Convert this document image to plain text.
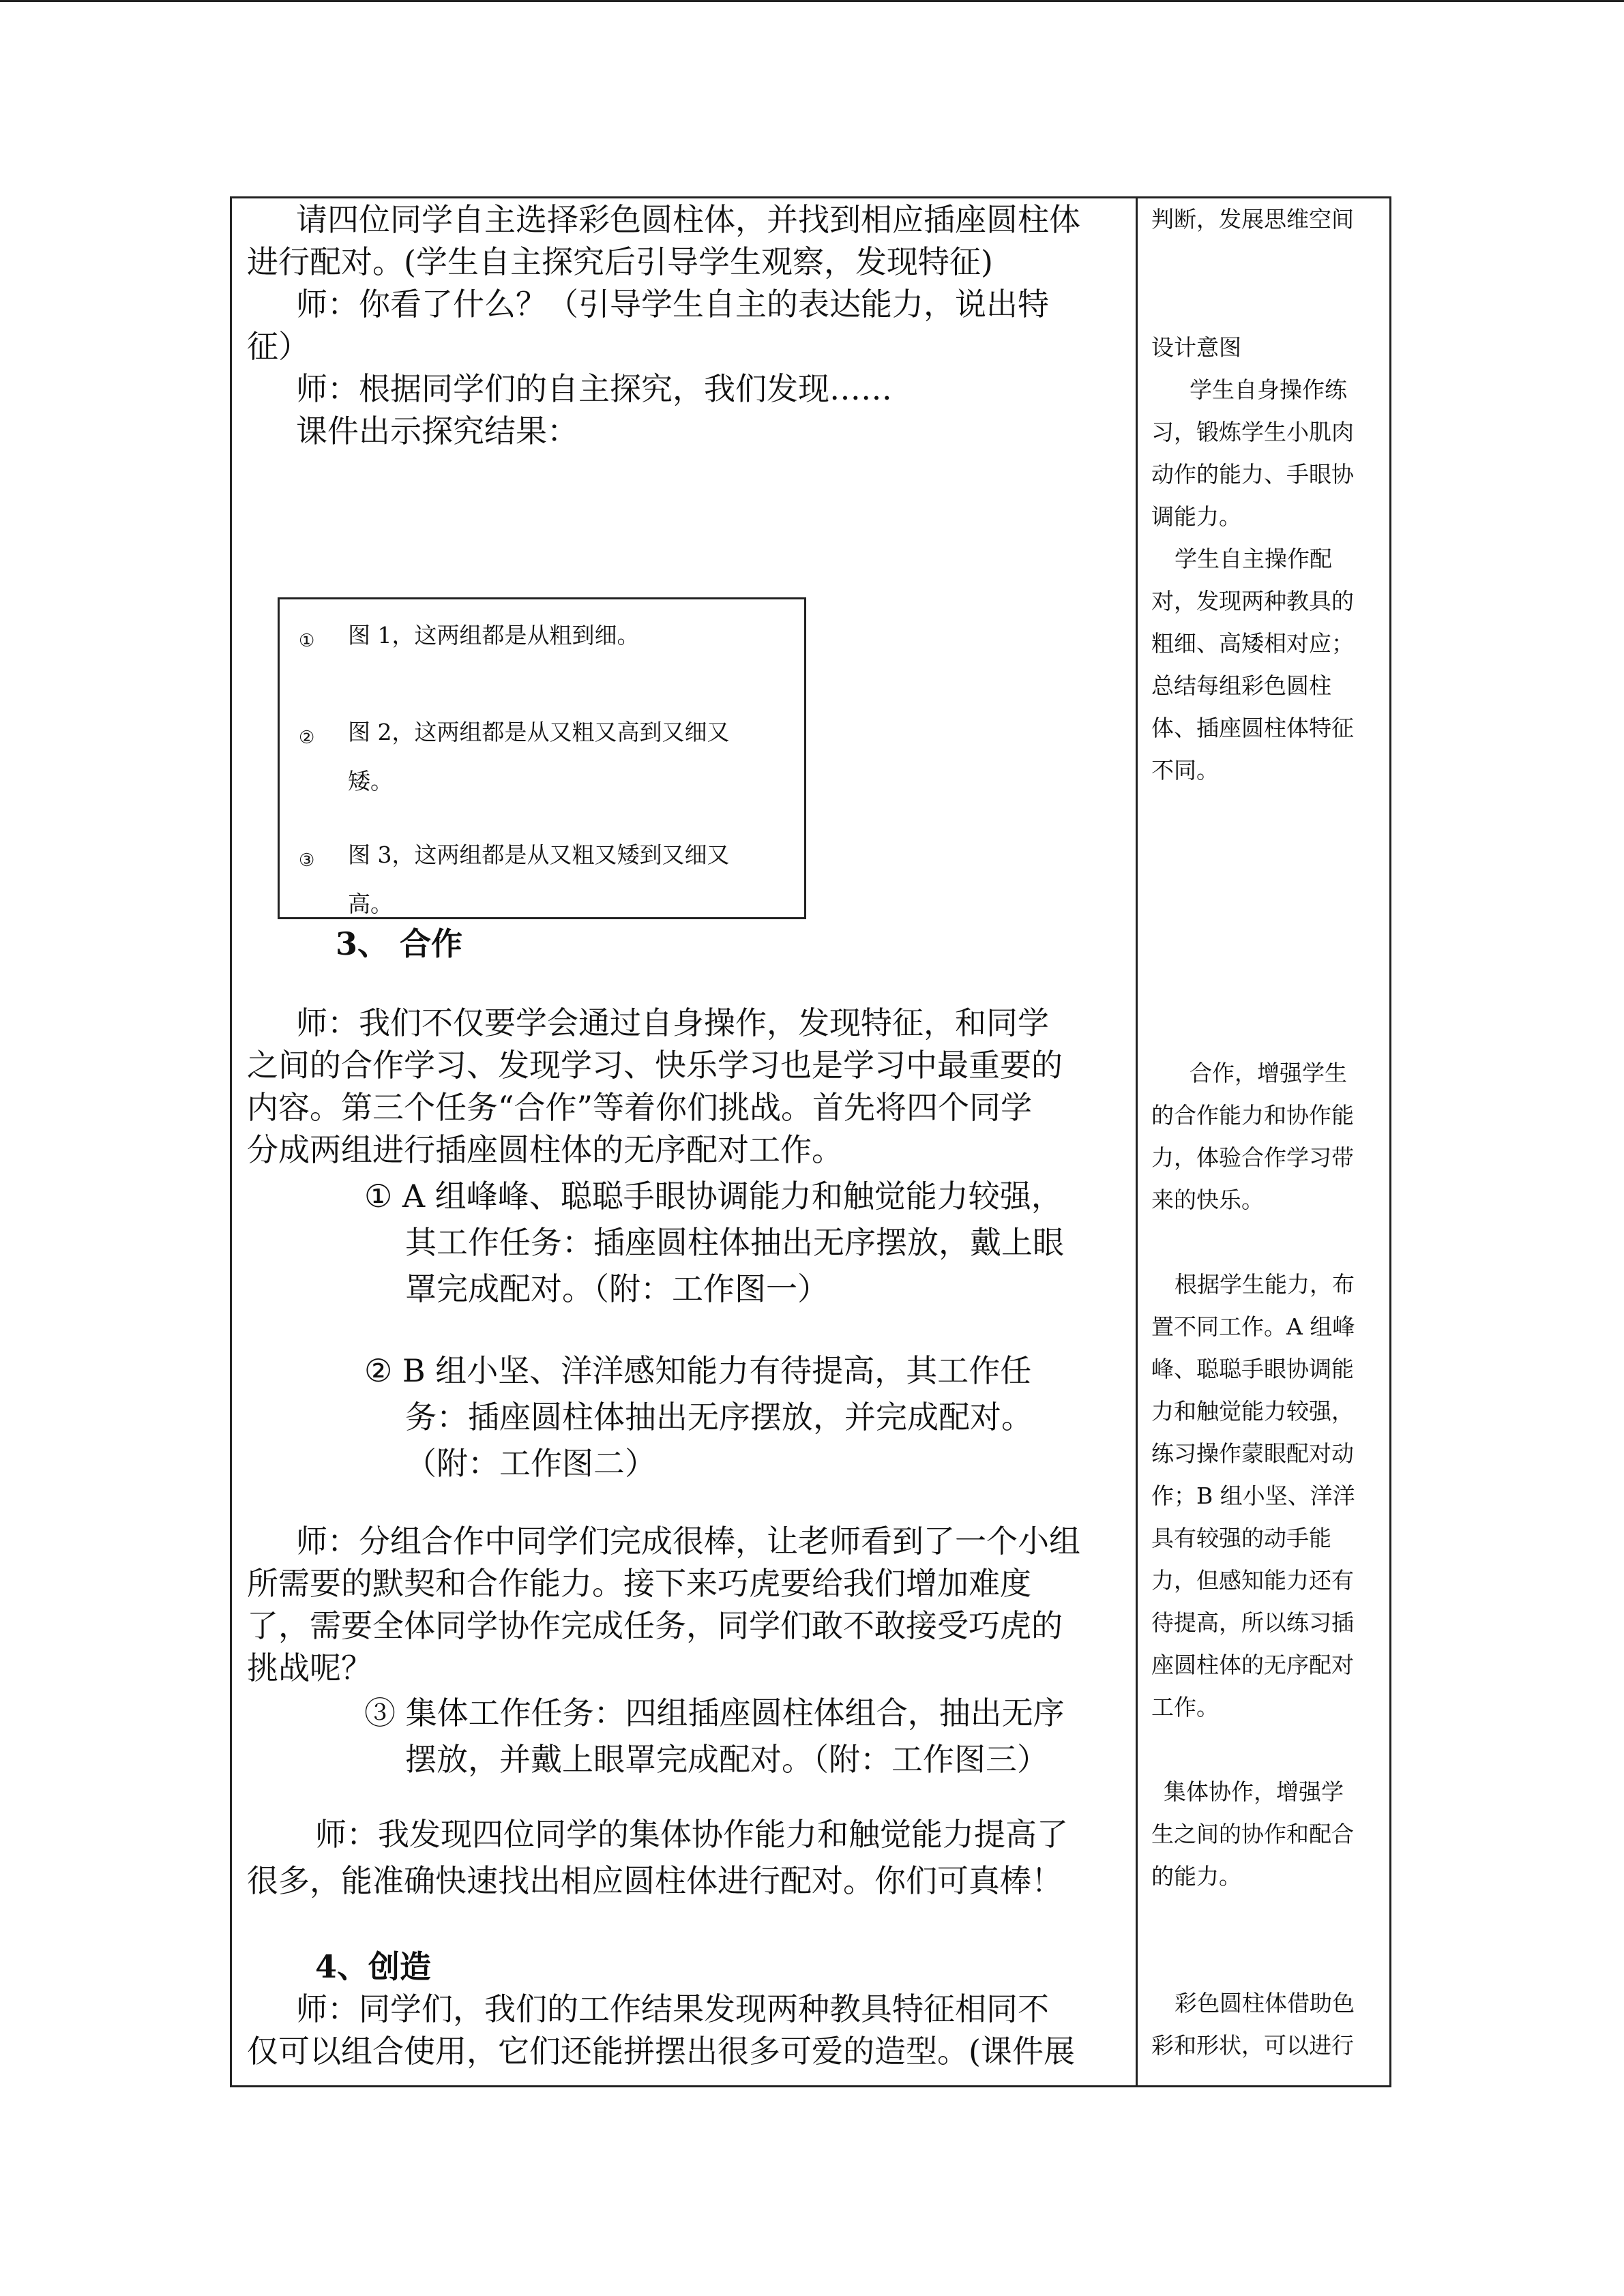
请四位同学自主选择彩色圆柱体，并找到相应插座圆柱体
进行配对。(学生自主探究后引导学生观察，发现特征)
师：你看了什么？（引导学生自主的表达能力，说出特
征）
师：根据同学们的自主探究，我们发现……
课件出示探究结果：
① 图 1，这两组都是从粗到细。
② 图 2，这两组都是从又粗又高到又细又
矮。
③ 图 3，这两组都是从又粗又矮到又细又
高。
3、 合作
师：我们不仅要学会通过自身操作，发现特征，和同学
之间的合作学习、发现学习、快乐学习也是学习中最重要的
内容。第三个任务“合作”等着你们挑战。首先将四个同学
分成两组进行插座圆柱体的无序配对工作。
① A 组峰峰、聪聪手眼协调能力和触觉能力较强，
其工作任务：插座圆柱体抽出无序摆放，戴上眼
罩完成配对。（附：工作图一）
② B 组小坚、洋洋感知能力有待提高，其工作任
务：插座圆柱体抽出无序摆放，并完成配对。
（附：工作图二）
师：分组合作中同学们完成很棒，让老师看到了一个小组
所需要的默契和合作能力。接下来巧虎要给我们增加难度
了，需要全体同学协作完成任务，同学们敢不敢接受巧虎的
挑战呢？
③ 集体工作任务：四组插座圆柱体组合，抽出无序
摆放，并戴上眼罩完成配对。（附：工作图三）
师：我发现四位同学的集体协作能力和触觉能力提高了
很多，能准确快速找出相应圆柱体进行配对。你们可真棒！
4、创造
师：同学们，我们的工作结果发现两种教具特征相同不
仅可以组合使用，它们还能拼摆出很多可爱的造型。(课件展
判断，发展思维空间
设计意图
学生自身操作练
习，锻炼学生小肌肉
动作的能力、手眼协
调能力。
学生自主操作配
对，发现两种教具的
粗细、高矮相对应；
总结每组彩色圆柱
体、插座圆柱体特征
不同。
合作，增强学生
的合作能力和协作能
力，体验合作学习带
来的快乐。
根据学生能力，布
置不同工作。A 组峰
峰、聪聪手眼协调能
力和触觉能力较强，
练习操作蒙眼配对动
作；B 组小坚、洋洋
具有较强的动手能
力，但感知能力还有
待提高，所以练习插
座圆柱体的无序配对
工作。
集体协作，增强学
生之间的协作和配合
的能力。
彩色圆柱体借助色
彩和形状，可以进行
